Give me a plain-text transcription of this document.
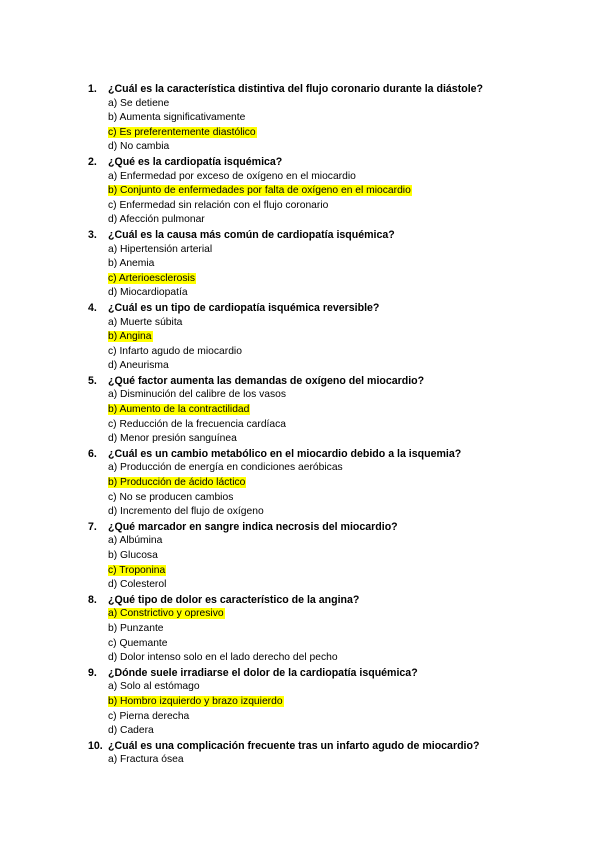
1.	¿Cuál es la característica distintiva del flujo coronario durante la diástole?
a) Se detiene
b) Aumenta significativamente
c) Es preferentemente diastólico
d) No cambia
2.	¿Qué es la cardiopatía isquémica?
a) Enfermedad por exceso de oxígeno en el miocardio
b) Conjunto de enfermedades por falta de oxígeno en el miocardio
c) Enfermedad sin relación con el flujo coronario
d) Afección pulmonar
3.	¿Cuál es la causa más común de cardiopatía isquémica?
a) Hipertensión arterial
b) Anemia
c) Arterioesclerosis
d) Miocardiopatía
4.	¿Cuál es un tipo de cardiopatía isquémica reversible?
a) Muerte súbita
b) Angina
c) Infarto agudo de miocardio
d) Aneurisma
5.	¿Qué factor aumenta las demandas de oxígeno del miocardio?
a) Disminución del calibre de los vasos
b) Aumento de la contractilidad
c) Reducción de la frecuencia cardíaca
d) Menor presión sanguínea
6.	¿Cuál es un cambio metabólico en el miocardio debido a la isquemia?
a) Producción de energía en condiciones aeróbicas
b) Producción de ácido láctico
c) No se producen cambios
d) Incremento del flujo de oxígeno
7.	¿Qué marcador en sangre indica necrosis del miocardio?
a) Albúmina
b) Glucosa
c) Troponina
d) Colesterol
8.	¿Qué tipo de dolor es característico de la angina?
a) Constrictivo y opresivo
b) Punzante
c) Quemante
d) Dolor intenso solo en el lado derecho del pecho
9.	¿Dónde suele irradiarse el dolor de la cardiopatía isquémica?
a) Solo al estómago
b) Hombro izquierdo y brazo izquierdo
c) Pierna derecha
d) Cadera
10. ¿Cuál es una complicación frecuente tras un infarto agudo de miocardio?
a) Fractura ósea
